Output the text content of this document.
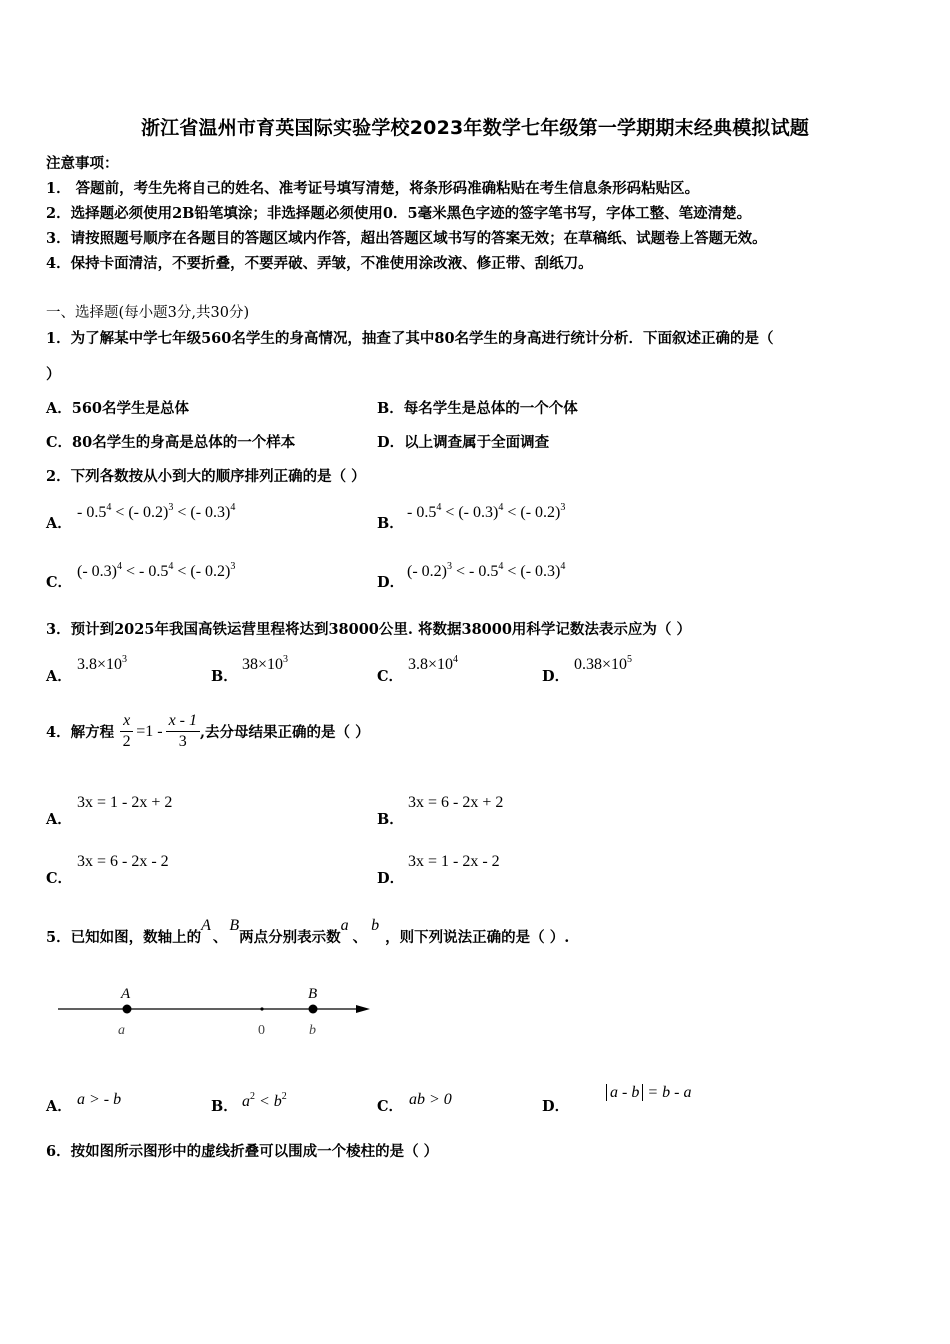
浙江省温州市育英国际实验学校2023年数学七年级第一学期期末经典模拟试题
注意事项：
1． 答题前，考生先将自己的姓名、准考证号填写清楚，将条形码准确粘贴在考生信息条形码粘贴区。
2．选择题必须使用2B铅笔填涂；非选择题必须使用0．5毫米黑色字迹的签字笔书写，字体工整、笔迹清楚。
3．请按照题号顺序在各题目的答题区域内作答，超出答题区域书写的答案无效；在草稿纸、试题卷上答题无效。
4．保持卡面清洁，不要折叠，不要弄破、弄皱，不准使用涂改液、修正带、刮纸刀。
一、选择题(每小题3分,共30分)
1．为了解某中学七年级560名学生的身高情况，抽查了其中80名学生的身高进行统计分析．下面叙述正确的是（
）
A．560名学生是总体	B．每名学生是总体的一个个体
C．80名学生的身高是总体的一个样本	D．以上调查属于全面调查
2．下列各数按从小到大的顺序排列正确的是（ ）
A．
- $0.5^4$ < (- 0.2)$^3$ < (- 0.3)$^4$
B．
- $0.5^4$ < (- 0.3)$^4$ < (- 0.2)$^3$
C．
(- 0.3)$^4$ < - $0.5^4$ < (- 0.2)$^3$
D．
(- 0.2)$^3$ < - $0.5^4$ < (- 0.3)$^4$
3．预计到2025年我国高铁运营里程将达到38000公里. 将数据38000用科学记数法表示应为（ ）
A．
$3.8\times 10^3$
B．
$38\times 10^3$
C．
$3.8\times 10^4$
D．
$0.38\times 10^5$
4．解方程 $\frac{x}{2} =1 - \frac{x - 1}{3}$ ,去分母结果正确的是（ ）
A．
3x = 1 - 2x + 2
B．
3x = 6 - 2x + 2
C．
3x = 6 - 2x - 2
D．
3x = 1 - 2x - 2
5．已知如图，数轴上的A、B两点分别表示数a、b，则下列说法正确的是（ ）.
A	B
a	0	b
A． a > - b	B． $a^2 < b^2$
C． ab > 0	D．
a - b = b - a
6．按如图所示图形中的虚线折叠可以围成一个棱柱的是（ ）
